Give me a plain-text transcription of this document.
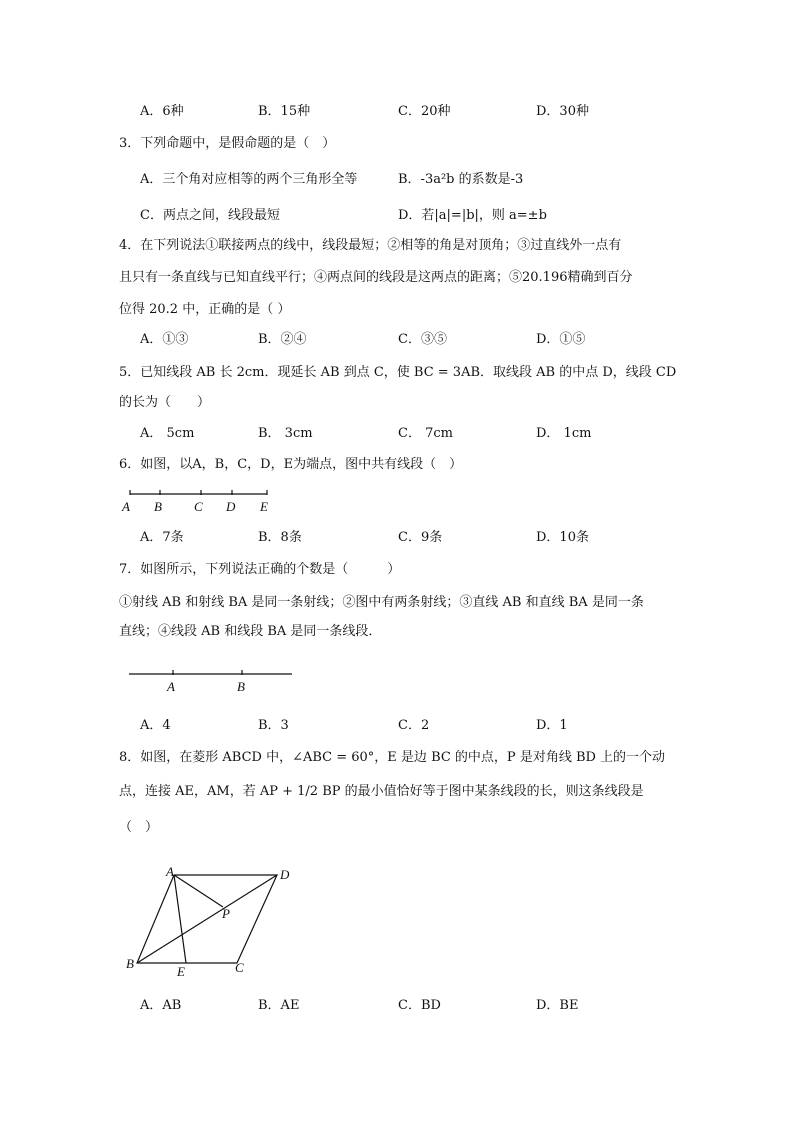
A．6种	B．15种	C．20种	D．30种
3．下列命题中，是假命题的是（　）
A．三个角对应相等的两个三角形全等	B．-3a²b 的系数是-3
C．两点之间，线段最短	D．若|a|=|b|，则 a=±b
4．在下列说法①联接两点的线中，线段最短；②相等的角是对顶角；③过直线外一点有
且只有一条直线与已知直线平行；④两点间的线段是这两点的距离；⑤20.196精确到百分
位得 20.2 中，正确的是（ ）
A．①③	B．②④	C．③⑤	D．①⑤
5．已知线段 AB 长 2cm．现延长 AB 到点 C，使 BC = 3AB．取线段 AB 的中点 D，线段 CD
的长为（　　）
A． 5cm	B． 3cm	C． 7cm	D． 1cm
6．如图，以A，B，C，D，E为端点，图中共有线段（　）
A B C D E
A．7条	B．8条	C．9条	D．10条
7．如图所示，下列说法正确的个数是（　　　）
①射线 AB 和射线 BA 是同一条射线；②图中有两条射线；③直线 AB 和直线 BA 是同一条
直线；④线段 AB 和线段 BA 是同一条线段．
A	B
A．4	B．3	C．2	D．1
8．如图，在菱形 ABCD 中，∠ABC = 60°，E 是边 BC 的中点，P 是对角线 BD 上的一个动
点，连接 AE，AM，若 AP + 1/2 BP 的最小值恰好等于图中某条线段的长，则这条线段是
（　）
A	D
P
B
E	C
A．AB	B．AE	C．BD	D．BE
